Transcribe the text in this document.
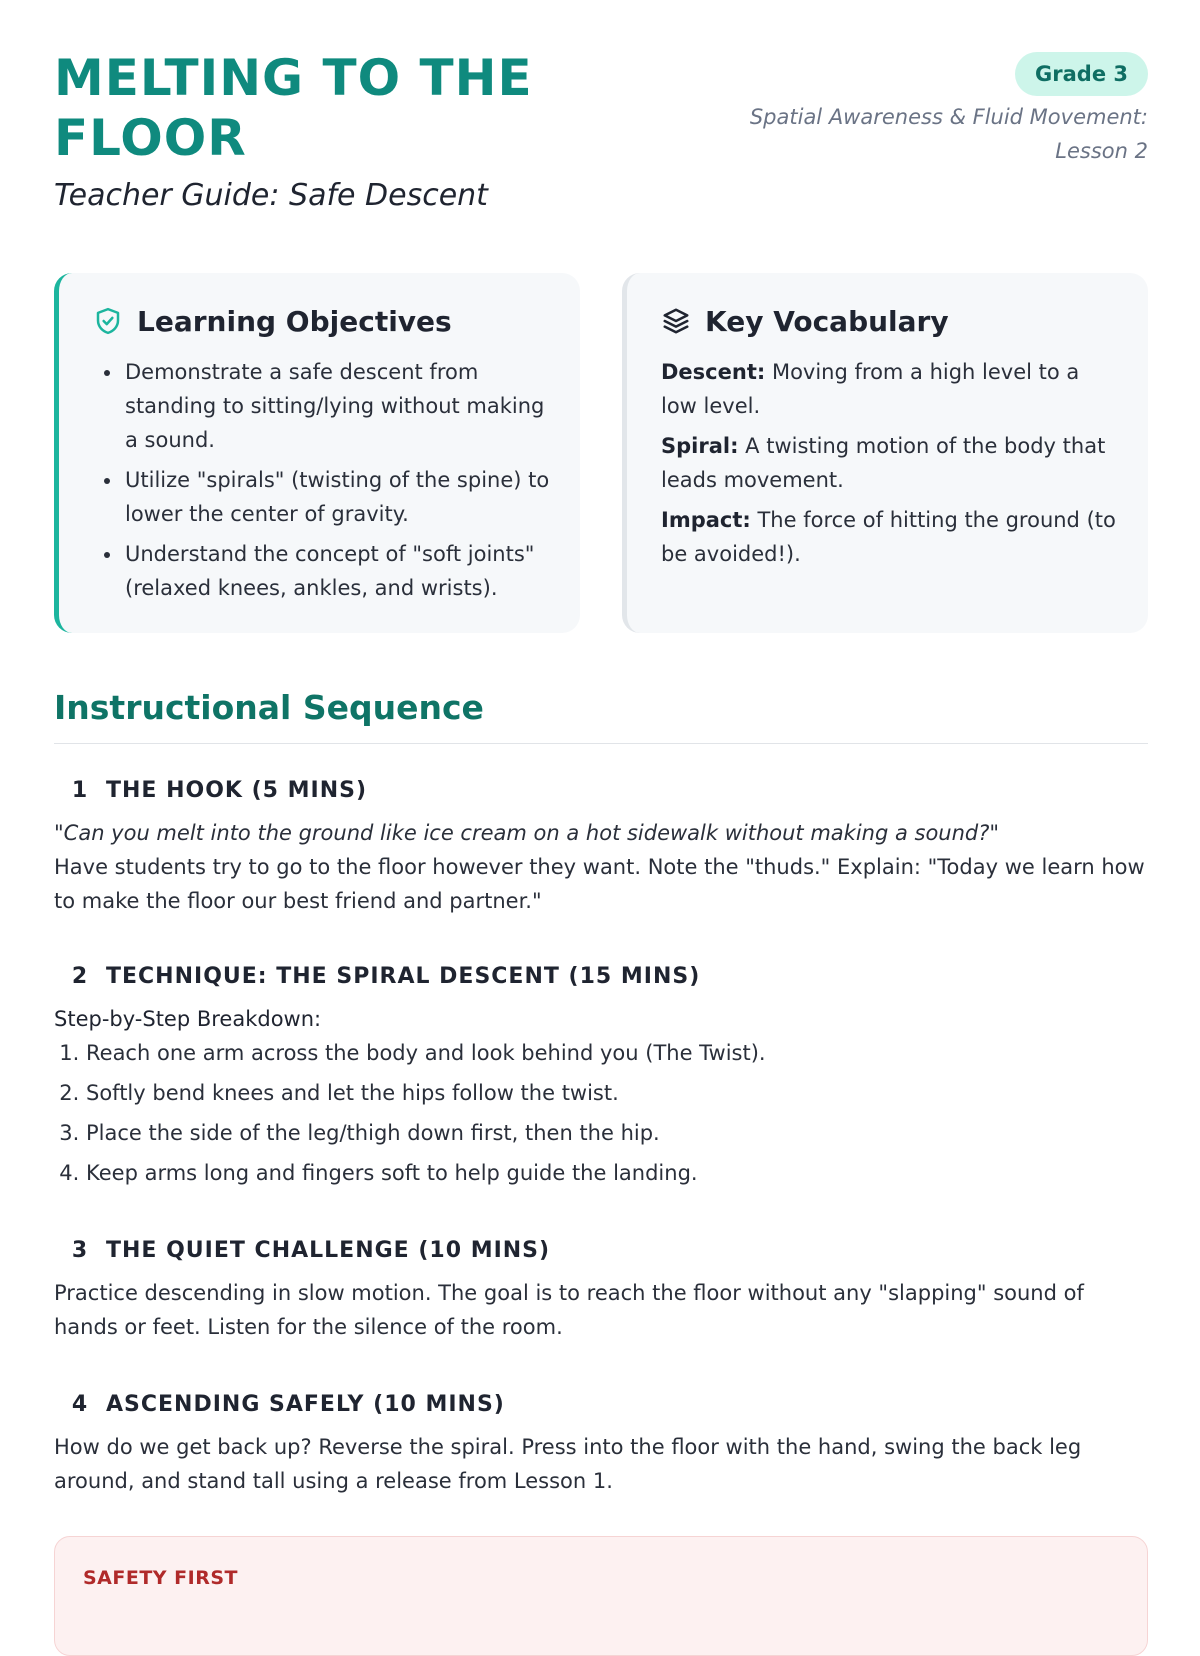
MELTING TO THE FLOOR

Teacher Guide: Safe Descent

Grade 3
Spatial Awareness & Fluid Movement: Lesson 2
Learning Objectives
• Demonstrate a safe descent from standing to sitting/lying without making a sound.
• Utilize "spirals" (twisting of the spine) to lower the center of gravity.
• Understand the concept of "soft joints" (relaxed knees, ankles, and wrists).
Key Vocabulary
Descent: Moving from a high level to a low level.
Spiral: A twisting motion of the body that leads movement.
Impact: The force of hitting the ground (to be avoided!).
Instructional Sequence
1 THE HOOK (5 MINS)
"Can you melt into the ground like ice cream on a hot sidewalk without making a sound?"
Have students try to go to the floor however they want. Note the "thuds." Explain: "Today we learn how to make the floor our best friend and partner."
2 TECHNIQUE: THE SPIRAL DESCENT (15 MINS)
Step-by-Step Breakdown:
1. Reach one arm across the body and look behind you (The Twist).
2. Softly bend knees and let the hips follow the twist.
3. Place the side of the leg/thigh down first, then the hip.
4. Keep arms long and fingers soft to help guide the landing.
3 THE QUIET CHALLENGE (10 MINS)
Practice descending in slow motion. The goal is to reach the floor without any "slapping" sound of hands or feet. Listen for the silence of the room.
4 ASCENDING SAFELY (10 MINS)
How do we get back up? Reverse the spiral. Press into the floor with the hand, swing the back leg around, and stand tall using a release from Lesson 1.
SAFETY FIRST
